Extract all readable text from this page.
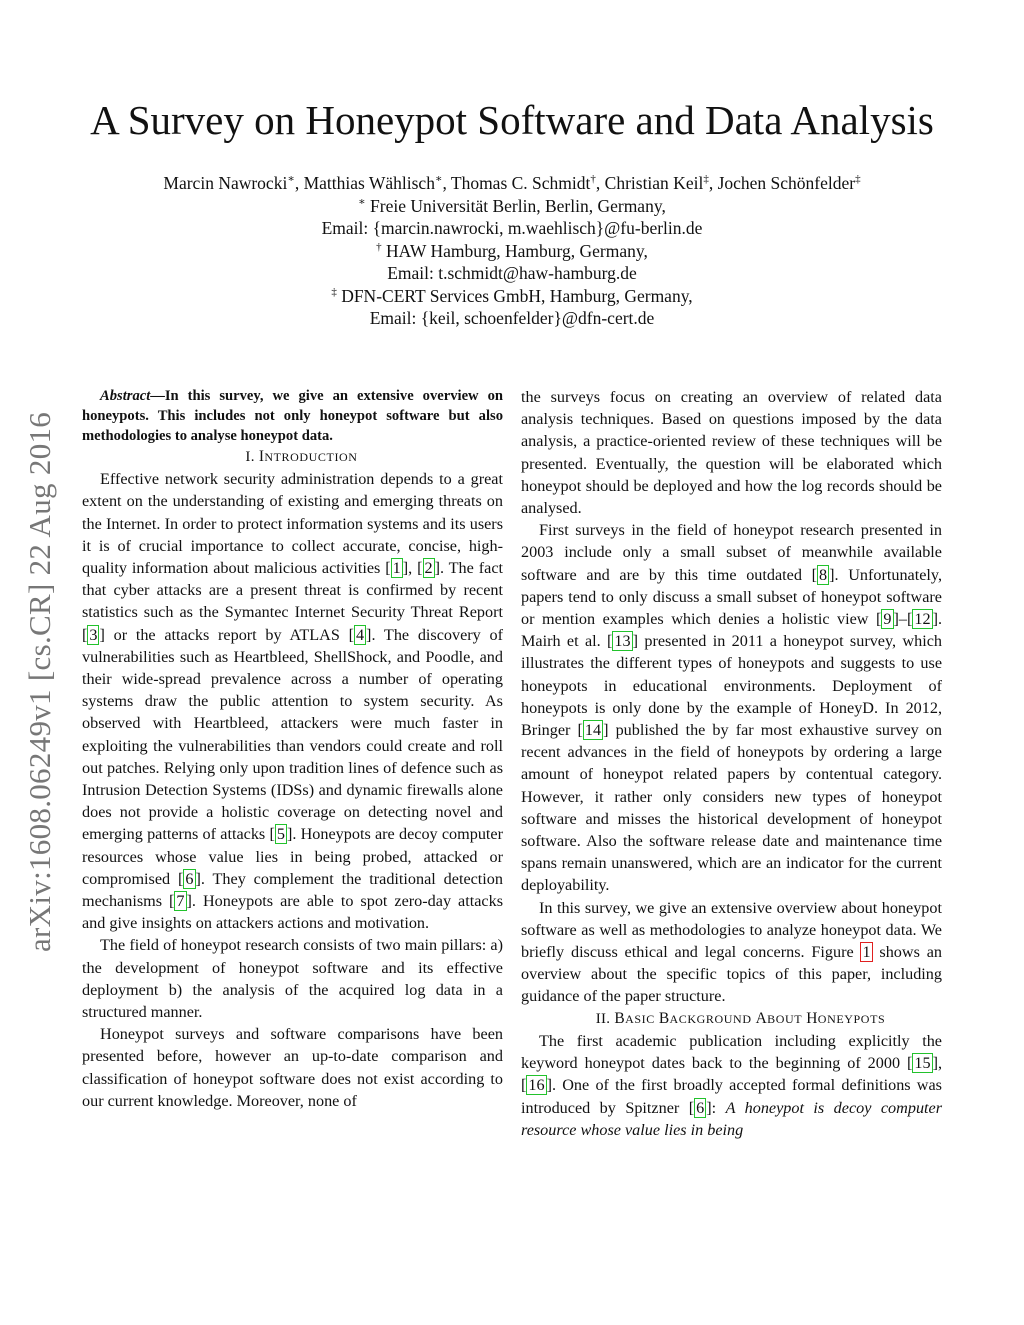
arXiv:1608.06249v1 [cs.CR] 22 Aug 2016
A Survey on Honeypot Software and Data Analysis
Marcin Nawrocki∗, Matthias Wählisch∗, Thomas C. Schmidt†, Christian Keil‡, Jochen Schönfelder‡
∗ Freie Universität Berlin, Berlin, Germany,
Email: {marcin.nawrocki, m.waehlisch}@fu-berlin.de
† HAW Hamburg, Hamburg, Germany,
Email: t.schmidt@haw-hamburg.de
‡ DFN-CERT Services GmbH, Hamburg, Germany,
Email: {keil, schoenfelder}@dfn-cert.de

Abstract—In this survey, we give an extensive overview on honeypots. This includes not only honeypot software but also methodologies to analyse honeypot data.

I. INTRODUCTION

Effective network security administration depends to a great extent on the understanding of existing and emerging threats on the Internet. In order to protect information systems and its users it is of crucial importance to collect accurate, concise, high-quality information about malicious activities [ 1 ], [ 2 ]. The fact that cyber attacks are a present threat is confirmed by recent statistics such as the Symantec Internet Security Threat Report [ 3 ] or the attacks report by ATLAS [ 4 ]. The discovery of vulnerabilities such as Heartbleed, ShellShock, and Poodle, and their wide-spread prevalence across a number of operating systems draw the public attention to system security. As observed with Heartbleed, attackers were much faster in exploiting the vulnerabilities than vendors could create and roll out patches. Relying only upon tradition lines of defence such as Intrusion Detection Systems (IDSs) and dynamic firewalls alone does not provide a holistic coverage on detecting novel and emerging patterns of attacks [ 5 ]. Honeypots are decoy computer resources whose value lies in being probed, attacked or compromised [ 6 ]. They complement the traditional detection mechanisms [ 7 ]. Honeypots are able to spot zero-day attacks and give insights on attackers actions and motivation.

The field of honeypot research consists of two main pillars: a) the development of honeypot software and its effective deployment b) the analysis of the acquired log data in a structured manner.

Honeypot surveys and software comparisons have been presented before, however an up-to-date comparison and classification of honeypot software does not exist according to our current knowledge. Moreover, none of

the surveys focus on creating an overview of related data analysis techniques. Based on questions imposed by the data analysis, a practice-oriented review of these techniques will be presented. Eventually, the question will be elaborated which honeypot should be deployed and how the log records should be analysed.

First surveys in the field of honeypot research presented in 2003 include only a small subset of meanwhile available software and are by this time outdated [ 8 ]. Unfortunately, papers tend to only discuss a small subset of honeypot software or mention examples which denies a holistic view [ 9 ]–[ 12 ]. Mairh et al. [ 13 ] presented in 2011 a honeypot survey, which illustrates the different types of honeypots and suggests to use honeypots in educational environments. Deployment of honeypots is only done by the example of HoneyD. In 2012, Bringer [ 14 ] published the by far most exhaustive survey on recent advances in the field of honeypots by ordering a large amount of honeypot related papers by contentual category. However, it rather only considers new types of honeypot software and misses the historical development of honeypot software. Also the software release date and maintenance time spans remain unanswered, which are an indicator for the current deployability.

In this survey, we give an extensive overview about honeypot software as well as methodologies to analyze honeypot data. We briefly discuss ethical and legal concerns. Figure 1 shows an overview about the specific topics of this paper, including guidance of the paper structure.

II. BASIC BACKGROUND ABOUT HONEYPOTS

The first academic publication including explicitly the keyword honeypot dates back to the beginning of 2000 [ 15 ], [ 16 ]. One of the first broadly accepted formal definitions was introduced by Spitzner [ 6 ]: A honeypot is decoy computer resource whose value lies in being
